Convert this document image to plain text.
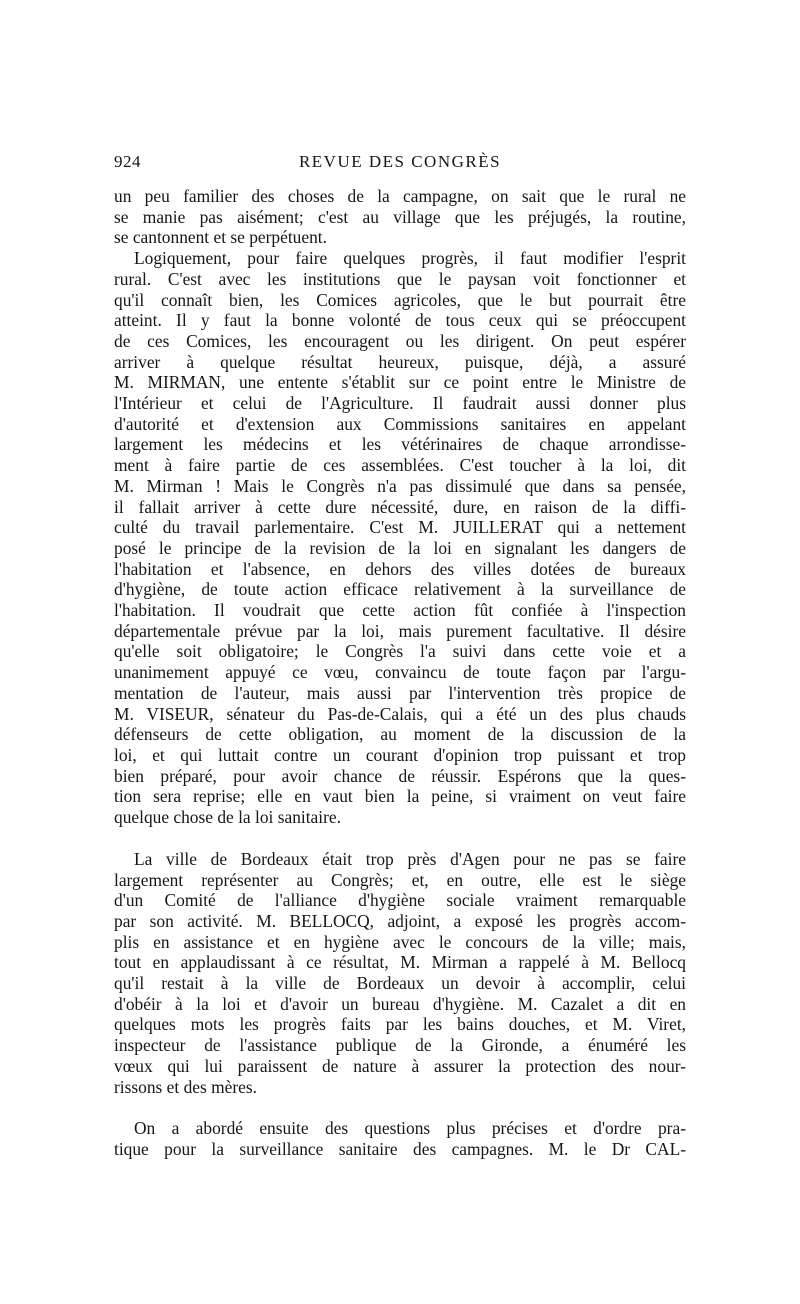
924	REVUE DES CONGRÈS
un peu familier des choses de la campagne, on sait que le rural ne
se manie pas aisément; c'est au village que les préjugés, la routine,
se cantonnent et se perpétuent.
Logiquement, pour faire quelques progrès, il faut modifier l'esprit
rural. C'est avec les institutions que le paysan voit fonctionner et
qu'il connaît bien, les Comices agricoles, que le but pourrait être
atteint. Il y faut la bonne volonté de tous ceux qui se préoccupent
de ces Comices, les encouragent ou les dirigent. On peut espérer
arriver à quelque résultat heureux, puisque, déjà, a assuré
M. MIRMAN, une entente s'établit sur ce point entre le Ministre de
l'Intérieur et celui de l'Agriculture. Il faudrait aussi donner plus
d'autorité et d'extension aux Commissions sanitaires en appelant
largement les médecins et les vétérinaires de chaque arrondisse-
ment à faire partie de ces assemblées. C'est toucher à la loi, dit
M. Mirman ! Mais le Congrès n'a pas dissimulé que dans sa pensée,
il fallait arriver à cette dure nécessité, dure, en raison de la diffi-
culté du travail parlementaire. C'est M. JUILLERAT qui a nettement
posé le principe de la revision de la loi en signalant les dangers de
l'habitation et l'absence, en dehors des villes dotées de bureaux
d'hygiène, de toute action efficace relativement à la surveillance de
l'habitation. Il voudrait que cette action fût confiée à l'inspection
départementale prévue par la loi, mais purement facultative. Il désire
qu'elle soit obligatoire; le Congrès l'a suivi dans cette voie et a
unanimement appuyé ce vœu, convaincu de toute façon par l'argu-
mentation de l'auteur, mais aussi par l'intervention très propice de
M. VISEUR, sénateur du Pas-de-Calais, qui a été un des plus chauds
défenseurs de cette obligation, au moment de la discussion de la
loi, et qui luttait contre un courant d'opinion trop puissant et trop
bien préparé, pour avoir chance de réussir. Espérons que la ques-
tion sera reprise; elle en vaut bien la peine, si vraiment on veut faire
quelque chose de la loi sanitaire.
La ville de Bordeaux était trop près d'Agen pour ne pas se faire
largement représenter au Congrès; et, en outre, elle est le siège
d'un Comité de l'alliance d'hygiène sociale vraiment remarquable
par son activité. M. BELLOCQ, adjoint, a exposé les progrès accom-
plis en assistance et en hygiène avec le concours de la ville; mais,
tout en applaudissant à ce résultat, M. Mirman a rappelé à M. Bellocq
qu'il restait à la ville de Bordeaux un devoir à accomplir, celui
d'obéir à la loi et d'avoir un bureau d'hygiène. M. Cazalet a dit en
quelques mots les progrès faits par les bains douches, et M. Viret,
inspecteur de l'assistance publique de la Gironde, a énuméré les
vœux qui lui paraissent de nature à assurer la protection des nour-
rissons et des mères.
On a abordé ensuite des questions plus précises et d'ordre pra-
tique pour la surveillance sanitaire des campagnes. M. le Dr CAL-
